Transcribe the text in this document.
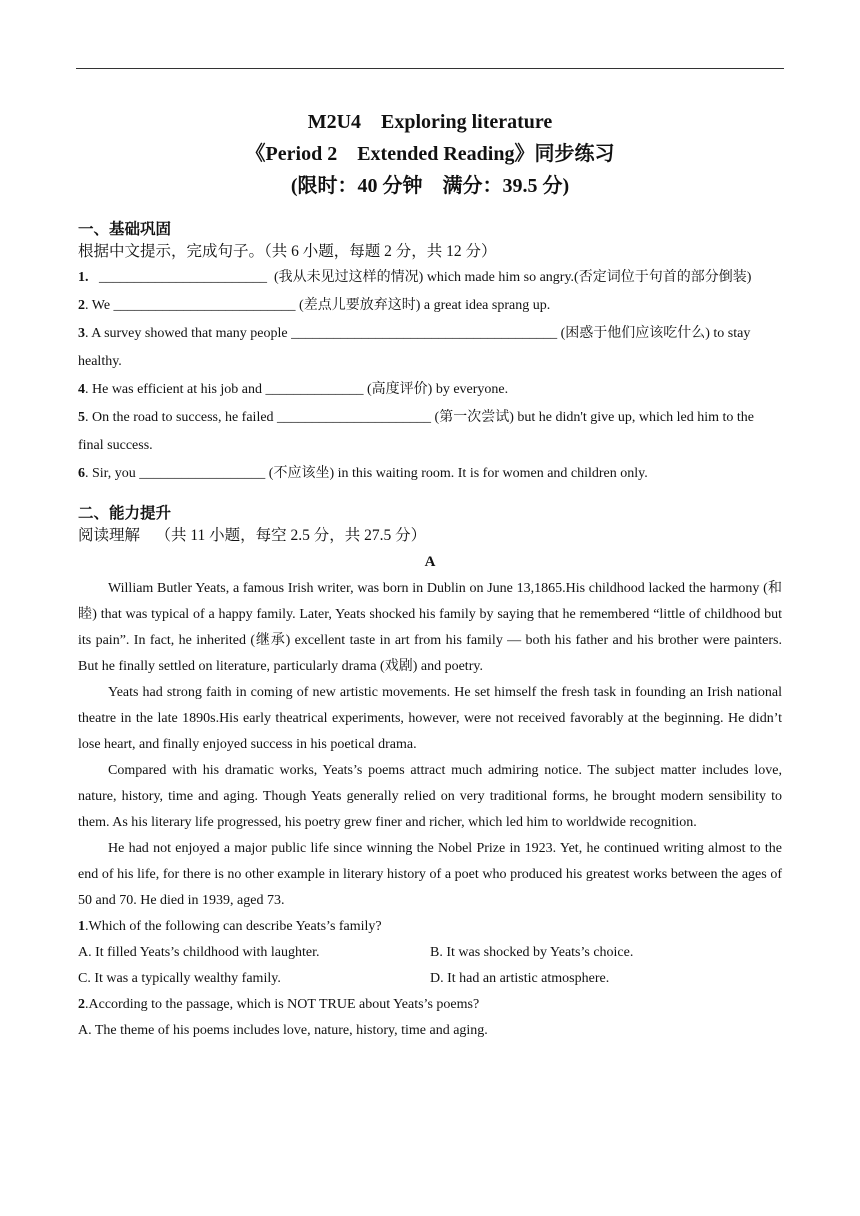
M2U4    Exploring literature
《Period 2    Extended Reading》同步练习
(限时：40 分钟    满分：39.5 分)
一、基础巩固
根据中文提示，完成句子。（共 6 小题，每题 2 分，共 12 分）
1.   ________________________  (我从未见过这样的情况) which made him so angry.(否定词位于句首的部分倒装)
2. We __________________________ (差点儿要放弃这时) a great idea sprang up.
3. A survey showed that many people ______________________________________ (困惑于他们应该吃什么) to stay healthy.
4. He was efficient at his job and ______________ (高度评价) by everyone.
5. On the road to success, he failed ______________________ (第一次尝试) but he didn't give up, which led him to the final success.
6. Sir, you __________________ (不应该坐) in this waiting room. It is for women and children only.
二、能力提升
阅读理解    （共 11 小题，每空 2.5 分，共 27.5 分）
A
William Butler Yeats, a famous Irish writer, was born in Dublin on June 13,1865.His childhood lacked the harmony (和睦) that was typical of a happy family. Later, Yeats shocked his family by saying that he remembered “little of childhood but its pain”. In fact, he inherited (继承) excellent taste in art from his family — both his father and his brother were painters. But he finally settled on literature, particularly drama (戏剧) and poetry.
Yeats had strong faith in coming of new artistic movements. He set himself the fresh task in founding an Irish national theatre in the late 1890s.His early theatrical experiments, however, were not received favorably at the beginning. He didn’t lose heart, and finally enjoyed success in his poetical drama.
Compared with his dramatic works, Yeats’s poems attract much admiring notice. The subject matter includes love, nature, history, time and aging. Though Yeats generally relied on very traditional forms, he brought modern sensibility to them. As his literary life progressed, his poetry grew finer and richer, which led him to worldwide recognition.
He had not enjoyed a major public life since winning the Nobel Prize in 1923. Yet, he continued writing almost to the end of his life, for there is no other example in literary history of a poet who produced his greatest works between the ages of 50 and 70. He died in 1939, aged 73.
1.Which of the following can describe Yeats’s family?
A. It filled Yeats’s childhood with laughter.	B. It was shocked by Yeats’s choice.
C. It was a typically wealthy family.	D. It had an artistic atmosphere.
2.According to the passage, which is NOT TRUE about Yeats’s poems?
A. The theme of his poems includes love, nature, history, time and aging.
